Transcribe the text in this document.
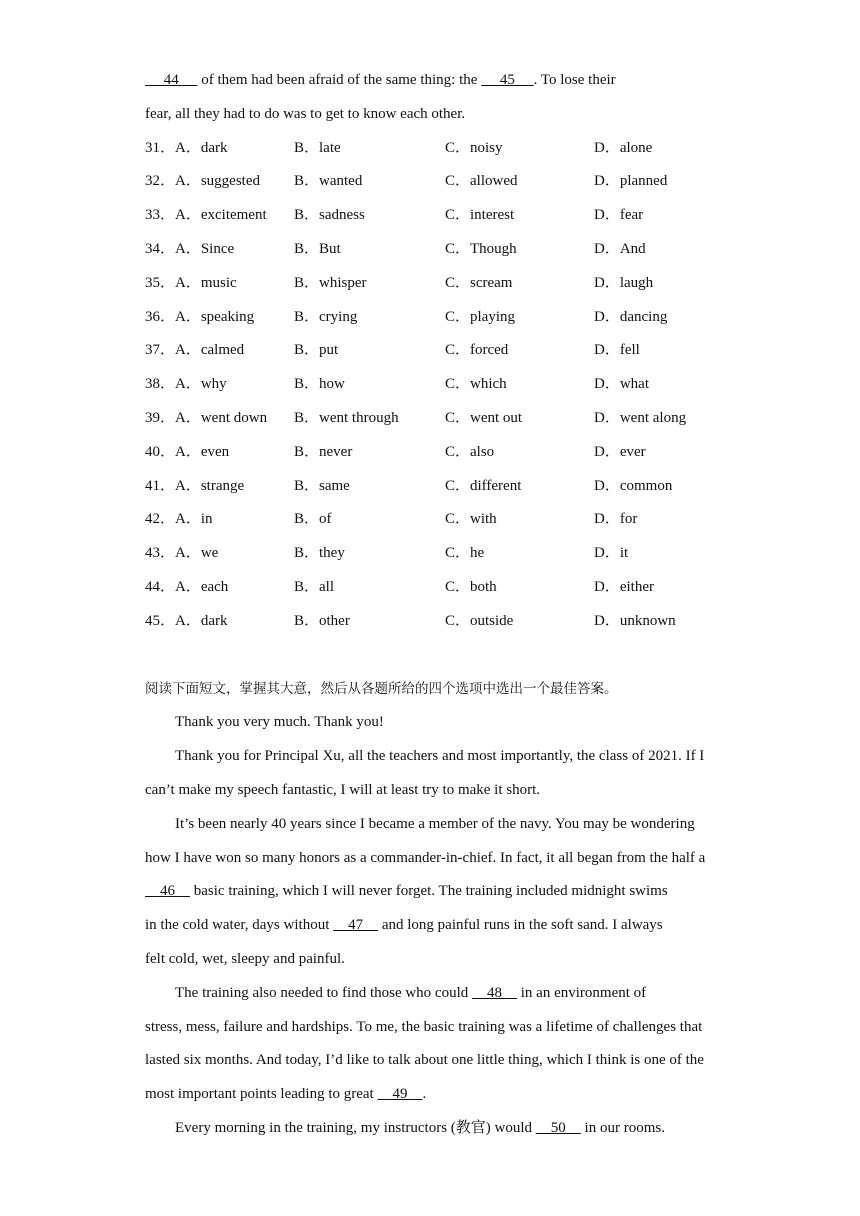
44      of them had been afraid of the same thing: the      45     . To lose their
fear, all they had to do was to get to know each other.
31．A．dark	B．late	C．noisy	D．alone
32．A．suggested B．wanted	C．allowed	D．planned
33．A．excitement B．sadness	C．interest	D．fear
34．A．Since	B．But	C．Though	D．And
35．A．music	B．whisper	C．scream	D．laugh
36．A．speaking	B．crying	C．playing	D．dancing
37．A．calmed	B．put	C．forced	D．fell
38．A．why	B．how	C．which	D．what
39．A．went down B．went through	C．went out	D．went along
40．A．even	B．never	C．also	D．ever
41．A．strange	B．same	C．different	D．common
42．A．in	B．of	C．with	D．for
43．A．we	B．they	C．he	D．it
44．A．each	B．all	C．both	D．either
45．A．dark	B．other	C．outside	D．unknown
阅读下面短文，掌握其大意，然后从各题所给的四个选项中选出一个最佳答案。
Thank you very much. Thank you!
Thank you for Principal Xu, all the teachers and most importantly, the class of 2021. If I
can’t make my speech fantastic, I will at least try to make it short.
It’s been nearly 40 years since I became a member of the navy. You may be wondering
how I have won so many honors as a commander-in-chief. In fact, it all began from the half a
46     basic training, which I will never forget. The training included midnight swims
in the cold water, days without     47     and long painful runs in the soft sand. I always
felt cold, wet, sleepy and painful.
The training also needed to find those who could     48     in an environment of
stress, mess, failure and hardships. To me, the basic training was a lifetime of challenges that
lasted six months. And today, I’d like to talk about one little thing, which I think is one of the
most important points leading to great     49    .
Every morning in the training, my instructors (教官) would     50     in our rooms.
